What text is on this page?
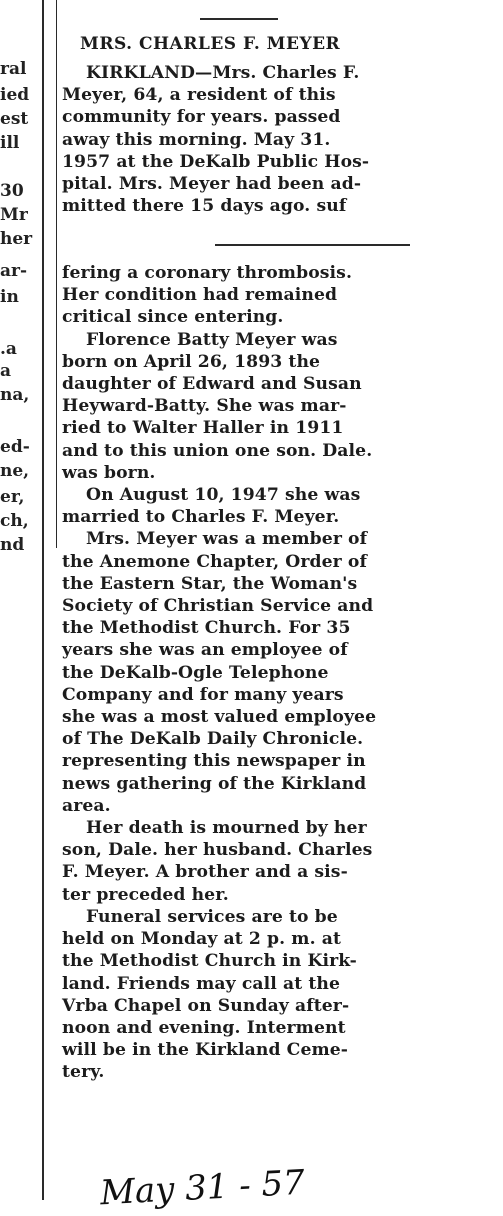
ral
ied
est
ill
30
Mr
her
ar-
in
.a
a
na,
ed-
ne,
er,
ch,
nd
MRS. CHARLES F. MEYER
KIRKLAND—Mrs. Charles F.
Meyer, 64, a resident of this
community for years. passed
away this morning. May 31.
1957 at the DeKalb Public Hos-
pital. Mrs. Meyer had been ad-
mitted there 15 days ago. suf
fering a coronary thrombosis.
Her condition had remained
critical since entering.
Florence Batty Meyer was
born on April 26, 1893 the
daughter of Edward and Susan
Heyward-Batty. She was mar-
ried to Walter Haller in 1911
and to this union one son. Dale.
was born.
On August 10, 1947 she was
married to Charles F. Meyer.
Mrs. Meyer was a member of
the Anemone Chapter, Order of
the Eastern Star, the Woman's
Society of Christian Service and
the Methodist Church. For 35
years she was an employee of
the DeKalb-Ogle Telephone
Company and for many years
she was a most valued employee
of The DeKalb Daily Chronicle.
representing this newspaper in
news gathering of the Kirkland
area.
Her death is mourned by her
son, Dale. her husband. Charles
F. Meyer. A brother and a sis-
ter preceded her.
Funeral services are to be
held on Monday at 2 p. m. at
the Methodist Church in Kirk-
land. Friends may call at the
Vrba Chapel on Sunday after-
noon and evening. Interment
will be in the Kirkland Ceme-
tery.
May 31 - 57
